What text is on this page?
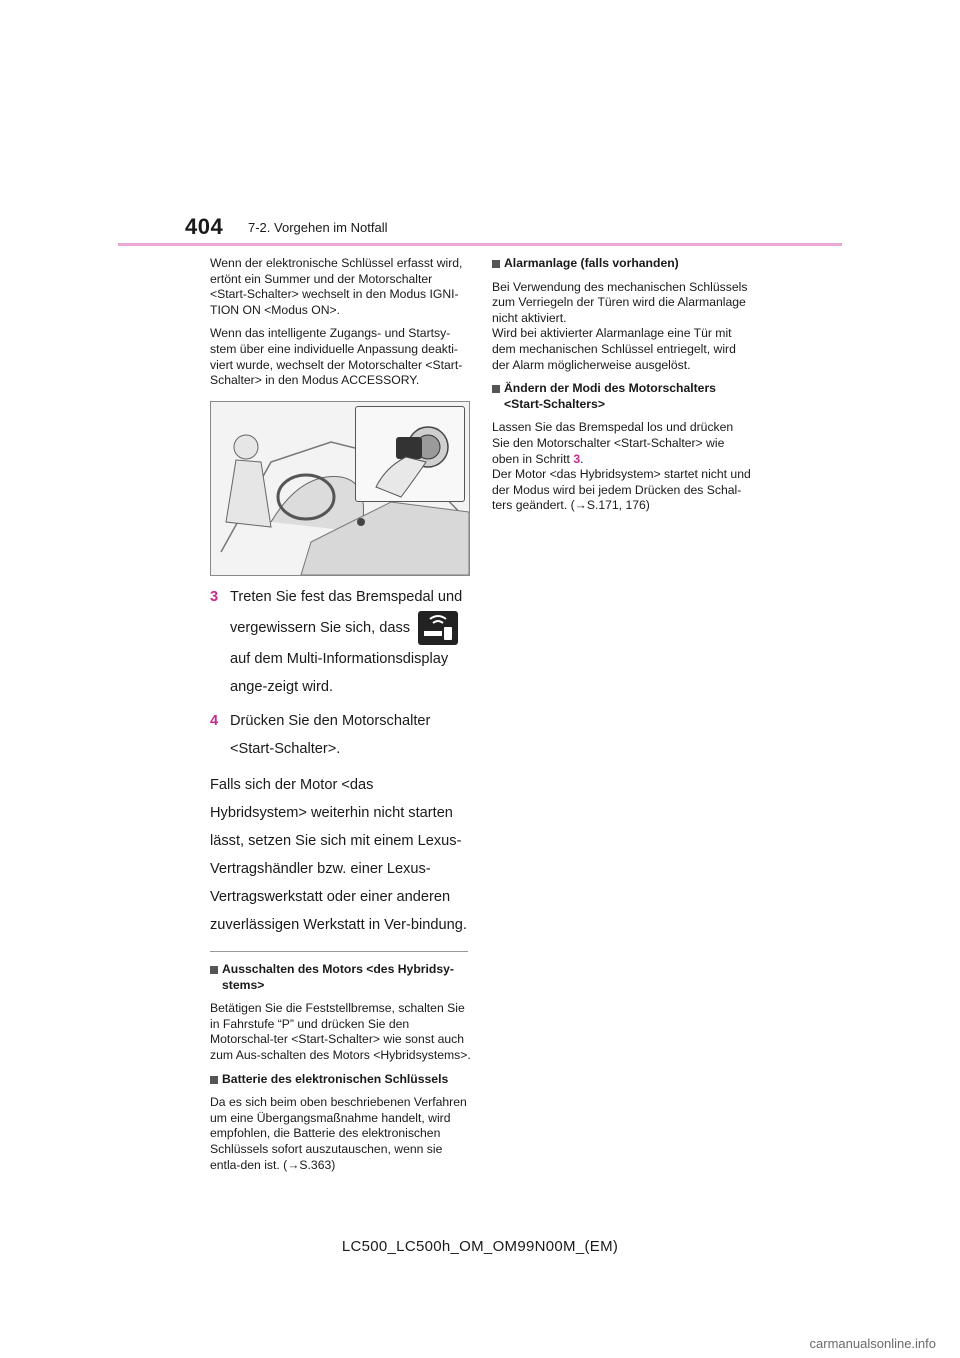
404 7-2. Vorgehen im Notfall

Wenn der elektronische Schlüssel erfasst wird, ertönt ein Summer und der Motorschalter <Start-Schalter> wechselt in den Modus IGNI-TION ON <Modus ON>.

Wenn das intelligente Zugangs- und Startsy-stem über eine individuelle Anpassung deakti-viert wurde, wechselt der Motorschalter <Start-Schalter> in den Modus ACCESSORY.

3 Treten Sie fest das Bremspedal und vergewissern Sie sich, dass  auf dem Multi-Informationsdisplay ange-zeigt wird.
4 Drücken Sie den Motorschalter <Start-Schalter>.
Falls sich der Motor <das Hybridsystem> weiterhin nicht starten lässt, setzen Sie sich mit einem Lexus-Vertragshändler bzw. einer Lexus-Vertragswerkstatt oder einer anderen zuverlässigen Werkstatt in Ver-bindung.

Ausschalten des Motors <des Hybridsy-stems>

Betätigen Sie die Feststellbremse, schalten Sie in Fahrstufe “P” und drücken Sie den Motorschal-ter <Start-Schalter> wie sonst auch zum Aus-schalten des Motors <Hybridsystems>.

Batterie des elektronischen Schlüssels

Da es sich beim oben beschriebenen Verfahren um eine Übergangsmaßnahme handelt, wird empfohlen, die Batterie des elektronischen Schlüssels sofort auszutauschen, wenn sie entla-den ist. (→S.363)

Alarmanlage (falls vorhanden)

Bei Verwendung des mechanischen Schlüssels zum Verriegeln der Türen wird die Alarmanlage nicht aktiviert.
Wird bei aktivierter Alarmanlage eine Tür mit dem mechanischen Schlüssel entriegelt, wird der Alarm möglicherweise ausgelöst.

Ändern der Modi des Motorschalters
<Start-Schalters>

Lassen Sie das Bremspedal los und drücken Sie den Motorschalter <Start-Schalter> wie oben in Schritt 3.
Der Motor <das Hybridsystem> startet nicht und der Modus wird bei jedem Drücken des Schal-ters geändert. (→S.171, 176)

LC500_LC500h_OM_OM99N00M_(EM)
carmanualsonline.info
